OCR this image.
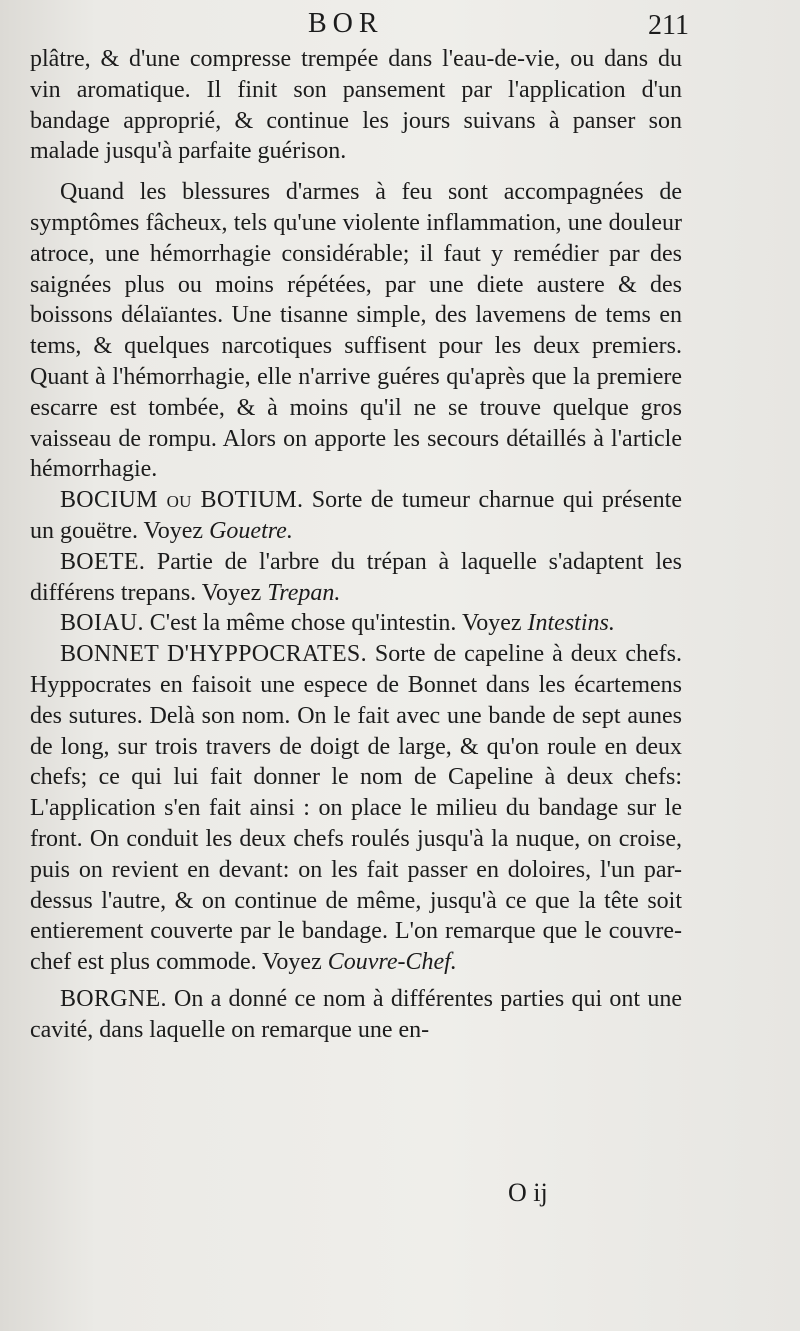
BOR	211

plâtre, & d'une compresse trempée dans l'eau-de-vie, ou dans du vin aromatique. Il finit son pansement par l'application d'un bandage approprié, & continue les jours suivans à panser son malade jusqu'à parfaite guérison.

Quand les blessures d'armes à feu sont accompagnées de symptômes fâcheux, tels qu'une violente inflammation, une douleur atroce, une hémorrhagie considérable; il faut y remédier par des saignées plus ou moins répétées, par une diete austere & des boissons délaïantes. Une tisanne simple, des lavemens de tems en tems, & quelques narcotiques suffisent pour les deux premiers. Quant à l'hémorrhagie, elle n'arrive guéres qu'après que la premiere escarre est tombée, & à moins qu'il ne se trouve quelque gros vaisseau de rompu. Alors on apporte les secours détaillés à l'article hémorrhagie.

BOCIUM ou BOTIUM. Sorte de tumeur charnue qui présente un gouëtre. Voyez Gouetre.

BOETE. Partie de l'arbre du trépan à laquelle s'adaptent les différens trepans. Voyez Trepan.

BOIAU. C'est la même chose qu'intestin. Voyez Intestins.

BONNET D'HYPPOCRATES. Sorte de capeline à deux chefs. Hyppocrates en faisoit une espece de Bonnet dans les écartemens des sutures. Delà son nom. On le fait avec une bande de sept aunes de long, sur trois travers de doigt de large, & qu'on roule en deux chefs; ce qui lui fait donner le nom de Capeline à deux chefs: L'application s'en fait ainsi : on place le milieu du bandage sur le front. On conduit les deux chefs roulés jusqu'à la nuque, on croise, puis on revient en devant: on les fait passer en doloires, l'un par-dessus l'autre, & on continue de même, jusqu'à ce que la tête soit entierement couverte par le bandage. L'on remarque que le couvre-chef est plus commode. Voyez Couvre-Chef.

BORGNE. On a donné ce nom à différentes parties qui ont une cavité, dans laquelle on remarque une en-

O ij
